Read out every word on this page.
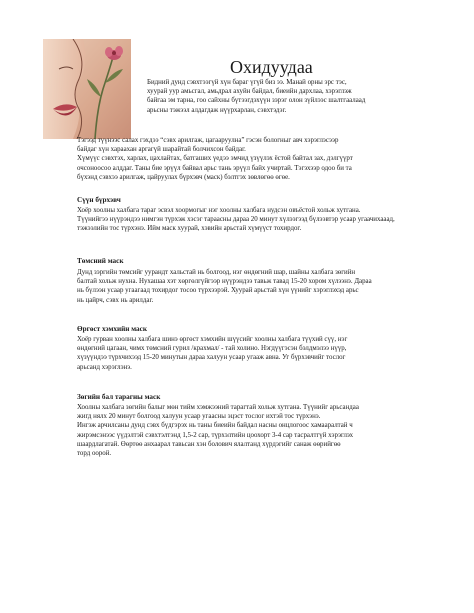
Охидуудаа
Бидний дунд сэвхтээгүй хүн бараг үгүй биз ээ. Манай орны эрс тэс,
хуурай уур амьсгал, амьдрал ахуйн байдал, биеийн дархлаа, хэрэглэж
байгаа эм тарна, гоо сайхны бүтээгдэхүүн зэрэг олон зүйлээс шалтгаалаад
арьсны тэжээл алдагдаж нүүрхарлан, сэвхтэдэг.
Тэгээд түүнээс салах гэхдээ “сэвх арилгаж, цагааруулна” гэсэн бологныг авч хэрэглэсээр
байдаг хүн хараахан аргагүй шарайтай болчихсон байдаг.
Хүмүүс сэвхтэх, харлах, цахлайтах, батгаших үедээ эмчид үзүүлэх ёстой байтал зах, дэлгүүрт
очсоноосоо алддаг. Таны бие эрүүл байвал арьс тань эрүүл байх учиртай. Тэгэхээр одоо би та
бүхэнд сэвхээ арилгаж, цайруулах бүрхэвч (маск) бэлтгэх зөвлөгөө өгөе.
Сүүн бүрхэвч
Хоёр хоолны халбага тараг эсвэл хоормогыг нэг хоолны халбага нудсэн овъёстой хольж хутгана.
Түүнийгээ нүүрэндээ нимгэн түрхэж хэсэг тараасны дараа 20 минут хүлээгээд бүлээвтэр усаар угаачихааад,
тэжээлийн тос түрхэнэ. Ийм маск хуурай, хэвийн арьстай хүмүүст тохирдог.
Төмсний маск
Дунд зэргийн төмсийг уурандт хальстай нь болгоод, нэг өндөгний шар, шайны халбага зөгийн
балтай хольж нухна. Нухашаа хэт хөргөлгүйгээр нүүрэндээ тавьж тавад 15-20 хором хүлээнэ. Дараа
нь бүлээн усаар угаагаад тохирдог тосоо түрхээрэй. Хуурай арьстай хүн үүнийг хэрэглэхэд арьс
нь цайрч, сэвх нь арилдаг.
Өргөст хэмхийн маск
Хоёр гурван хоолны халбага шинэ өргөст хэмхийн шүүсийг хоолны халбага түүхий сүү, нэг
өндөгний цагаан, чимх төмсний гурил /крахмал/ - тай холино. Нэгдүүгэсэн бэлдмэлээ нүүр,
хүзүүндээ түрхчихээд 15-20 минутын дараа халуун усаар угааж авна. Уг бүрхэвчийг тослог
арьсанд хэрэглэнэ.
Зөгийн бал тарагны маск
Хоолны халбага зөгийн балыг мөн тийм хэмжээний тарагтай хольж хутгана. Түүнийг арьсандаа
жигд нялх 20 минут болгоод халуун усаар угаасны эцэст тослог ихтэй тос түрхэнэ.
Ингэж арчилсаны дунд сэвх бүдгэрэх нь таны биеийн байдал насны онцлогоос хамааралтай ч
жирэмсэнээс үүдэлтэй сэвхтэлтэнд 1,5-2 сар, түрхэлтийн цоохорт 3-4 сар тасралтгүй хэрэглэх
шаардлагатай. Өөртөө анхаарал тавьсан хэн болович ялалтанд хүрдэгийг санаж өөрийгөө
торд оорой.
